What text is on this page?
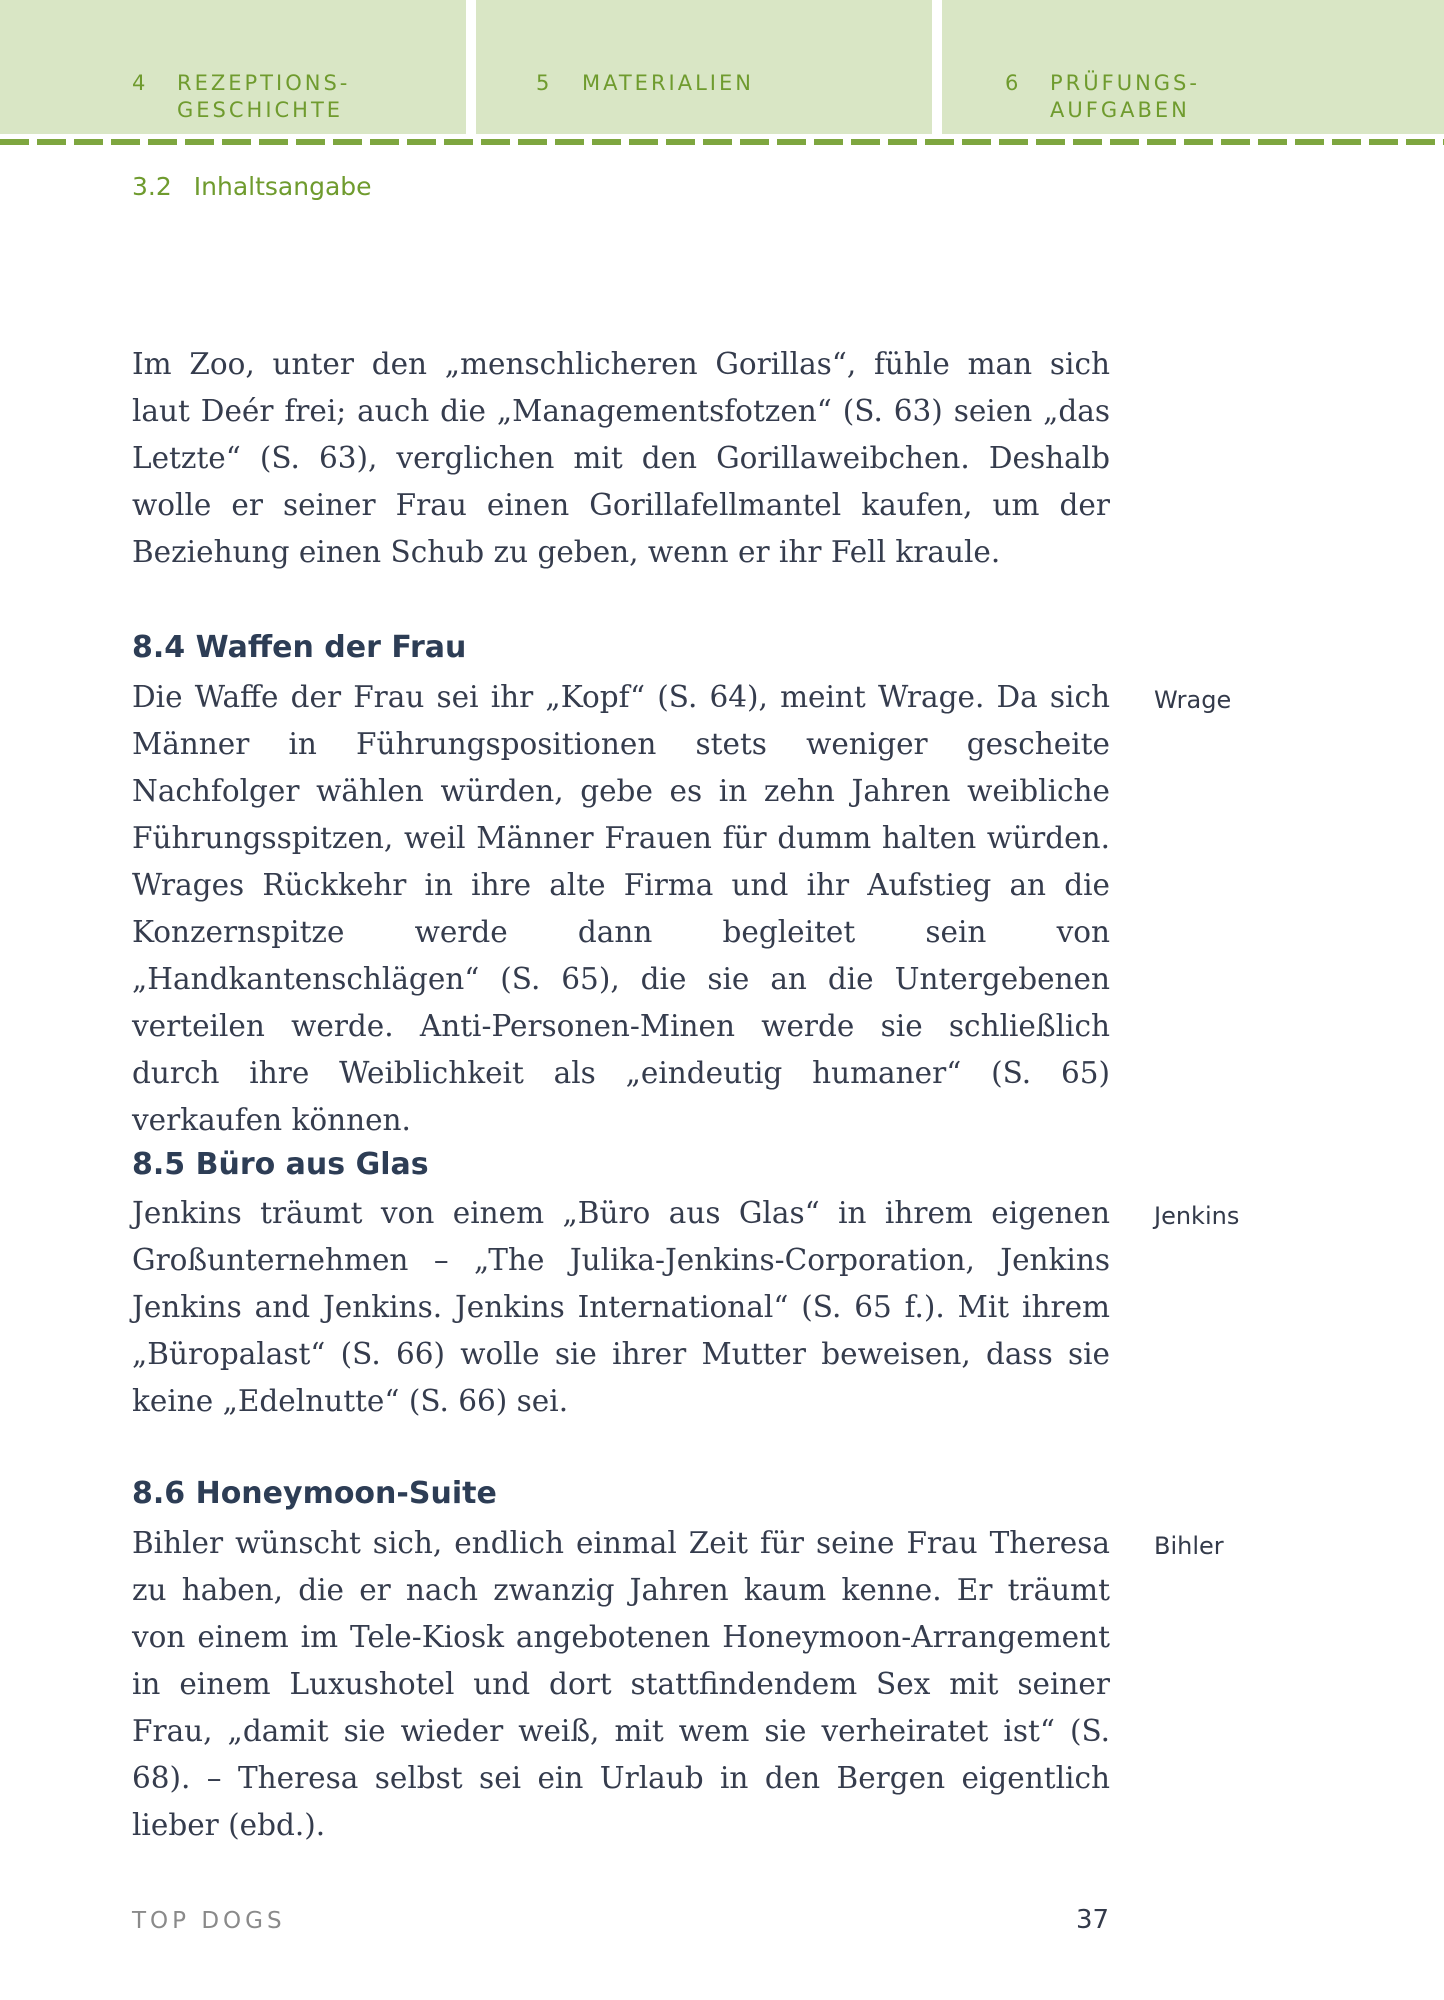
4 REZEPTIONS-
GESCHICHTE
5 MATERIALIEN	6 PRÜFUNGS-
AUFGABEN
3.2 Inhaltsangabe

Im Zoo, unter den „menschlicheren Gorillas“, fühle man sich laut Deér frei; auch die „Managementsfotzen“ (S. 63) seien „das Letzte“ (S. 63), verglichen mit den Gorillaweibchen. Deshalb wolle er seiner Frau einen Gorillafellmantel kaufen, um der Beziehung einen Schub zu geben, wenn er ihr Fell kraule.

8.4 Waffen der Frau
Wrage

Die Waffe der Frau sei ihr „Kopf“ (S. 64), meint Wrage. Da sich Männer in Führungspositionen stets weniger gescheite Nachfolger wählen würden, gebe es in zehn Jahren weibliche Führungsspitzen, weil Männer Frauen für dumm halten würden. Wrages Rückkehr in ihre alte Firma und ihr Aufstieg an die Konzernspitze werde dann begleitet sein von „Handkantenschlägen“ (S. 65), die sie an die Untergebenen verteilen werde. Anti-Personen-Minen werde sie schließlich durch ihre Weiblichkeit als „eindeutig humaner“ (S. 65) verkaufen können.

8.5 Büro aus Glas
Jenkins

Jenkins träumt von einem „Büro aus Glas“ in ihrem eigenen Großunternehmen – „The Julika-Jenkins-Corporation, Jenkins Jenkins and Jenkins. Jenkins International“ (S. 65 f.). Mit ihrem „Büropalast“ (S. 66) wolle sie ihrer Mutter beweisen, dass sie keine „Edelnutte“ (S. 66) sei.

8.6 Honeymoon-Suite
Bihler

Bihler wünscht sich, endlich einmal Zeit für seine Frau Theresa zu haben, die er nach zwanzig Jahren kaum kenne. Er träumt von einem im Tele-Kiosk angebotenen Honeymoon-Arrangement in einem Luxushotel und dort stattfindendem Sex mit seiner Frau, „damit sie wieder weiß, mit wem sie verheiratet ist“ (S. 68). – Theresa selbst sei ein Urlaub in den Bergen eigentlich lieber (ebd.).

TOP DOGS	37
